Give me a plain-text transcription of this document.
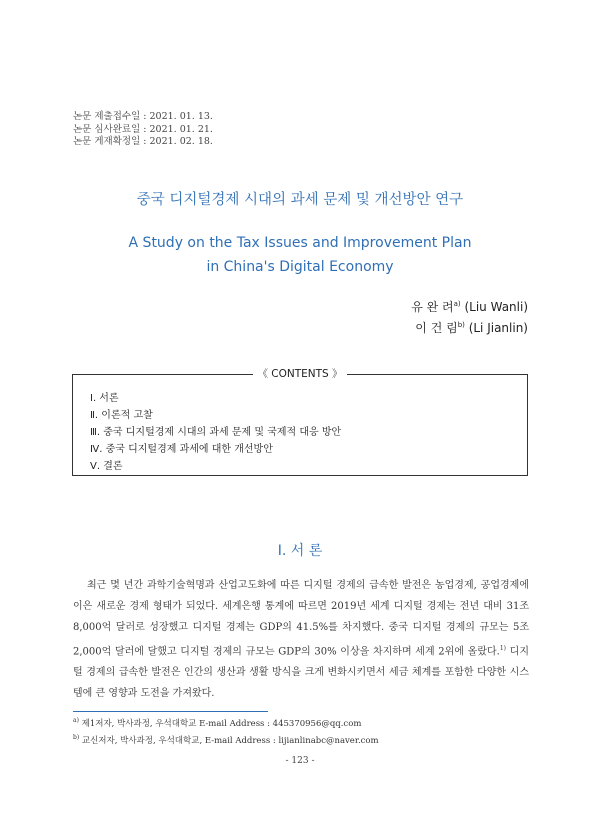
논문 제출접수일 : 2021. 01. 13.
논문 심사완료일 : 2021. 01. 21.
논문 게재확정일 : 2021. 02. 18.
중국 디지털경제 시대의 과세 문제 및 개선방안 연구
A Study on the Tax Issues and Improvement Plan
in China's Digital Economy
유 완 려$^{a)}$ (Liu Wanli)
이 건 림$^{b)}$ (Li Jianlin)
《 CONTENTS 》
Ⅰ. 서론
Ⅱ. 이론적 고찰
Ⅲ. 중국 디지털경제 시대의 과세 문제 및 국제적 대응 방안
Ⅳ. 중국 디지털경제 과세에 대한 개선방안
Ⅴ. 결론
Ⅰ. 서 론

최근 몇 년간 과학기술혁명과 산업고도화에 따른 디지털 경제의 급속한 발전은 농업경제, 공업경제에 이은 새로운 경제 형태가 되었다. 세계은행 통계에 따르면 2019년 세계 디지털 경제는 전년 대비 31조8,000억 달러로 성장했고 디지털 경제는 GDP의 41.5%를 차지했다. 중국 디지털 경제의 규모는 5조2,000억 달러에 달했고 디지털 경제의 규모는 GDP의 30% 이상을 차지하며 세계 2위에 올랐다.$^{1)}$ 디지털 경제의 급속한 발전은 인간의 생산과 생활 방식을 크게 변화시키면서 세금 체계를 포함한 다양한 시스템에 큰 영향과 도전을 가져왔다.

$^{a)}$ 제1저자, 박사과정, 우석대학교 E-mail Address : 445370956@qq.com
$^{b)}$ 교신저자, 박사과정, 우석대학교, E-mail Address : lijianlinabc@naver.com
- 123 -
